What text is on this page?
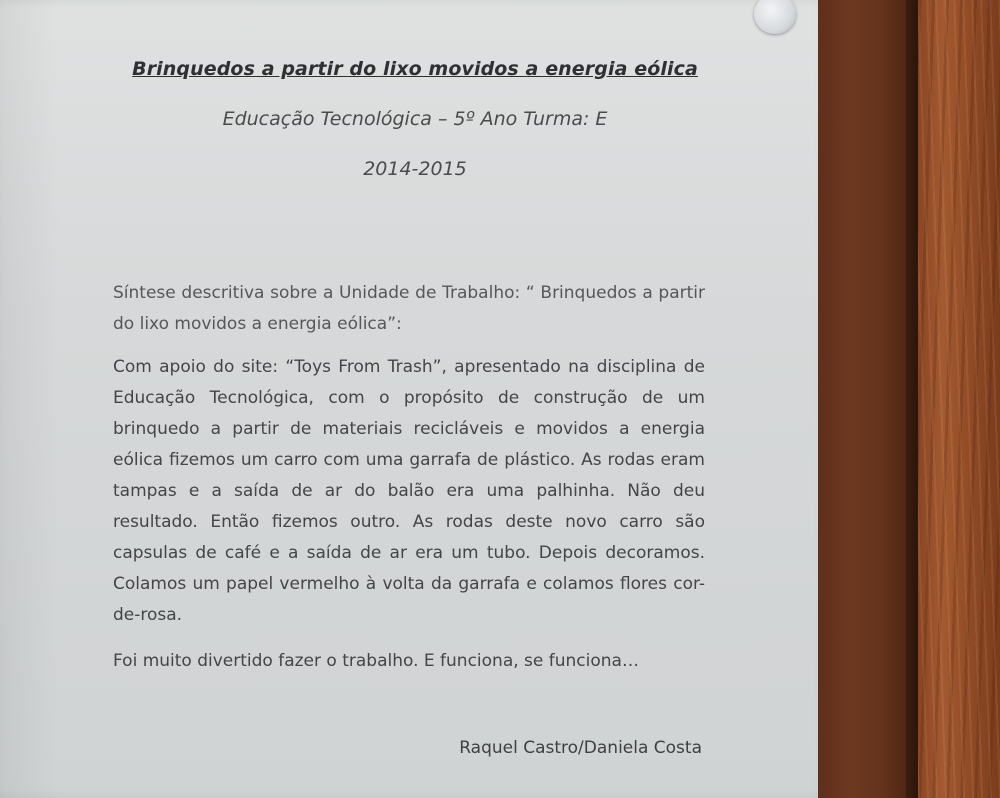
Brinquedos a partir do lixo movidos a energia eólica
Educação Tecnológica – 5º Ano Turma: E
2014-2015
Síntese descritiva sobre a Unidade de Trabalho: “ Brinquedos a partir do lixo movidos a energia eólica”:
Com apoio do site: “Toys From Trash”, apresentado na disciplina de Educação Tecnológica, com o propósito de construção de um brinquedo a partir de materiais recicláveis e movidos a energia eólica fizemos um carro com uma garrafa de plástico. As rodas eram tampas e a saída de ar do balão era uma palhinha. Não deu resultado. Então fizemos outro. As rodas deste novo carro são capsulas de café e a saída de ar era um tubo. Depois decoramos. Colamos um papel vermelho à volta da garrafa e colamos flores cor-de-rosa.
Foi muito divertido fazer o trabalho. E funciona, se funciona…
Raquel Castro/Daniela Costa
